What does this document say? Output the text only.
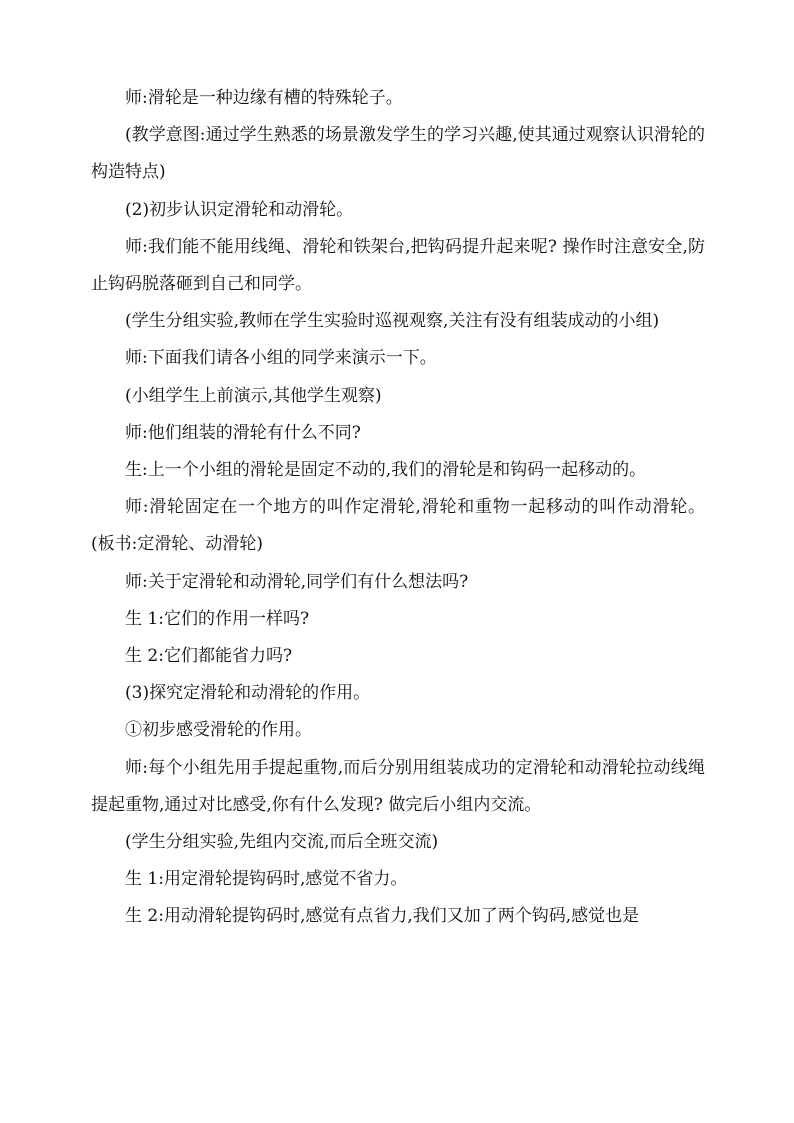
师:滑轮是一种边缘有槽的特殊轮子。

(教学意图:通过学生熟悉的场景激发学生的学习兴趣,使其通过观察认识滑轮的构造特点)

(2)初步认识定滑轮和动滑轮。

师:我们能不能用线绳、滑轮和铁架台,把钩码提升起来呢? 操作时注意安全,防止钩码脱落砸到自己和同学。

(学生分组实验,教师在学生实验时巡视观察,关注有没有组装成动的小组)

师:下面我们请各小组的同学来演示一下。

(小组学生上前演示,其他学生观察)

师:他们组装的滑轮有什么不同?

生:上一个小组的滑轮是固定不动的,我们的滑轮是和钩码一起移动的。

师:滑轮固定在一个地方的叫作定滑轮,滑轮和重物一起移动的叫作动滑轮。 (板书:定滑轮、动滑轮)

师:关于定滑轮和动滑轮,同学们有什么想法吗?

生 1:它们的作用一样吗?

生 2:它们都能省力吗?

(3)探究定滑轮和动滑轮的作用。

①初步感受滑轮的作用。

师:每个小组先用手提起重物,而后分别用组装成功的定滑轮和动滑轮拉动线绳提起重物,通过对比感受,你有什么发现? 做完后小组内交流。

(学生分组实验,先组内交流,而后全班交流)

生 1:用定滑轮提钩码时,感觉不省力。

生 2:用动滑轮提钩码时,感觉有点省力,我们又加了两个钩码,感觉也是
